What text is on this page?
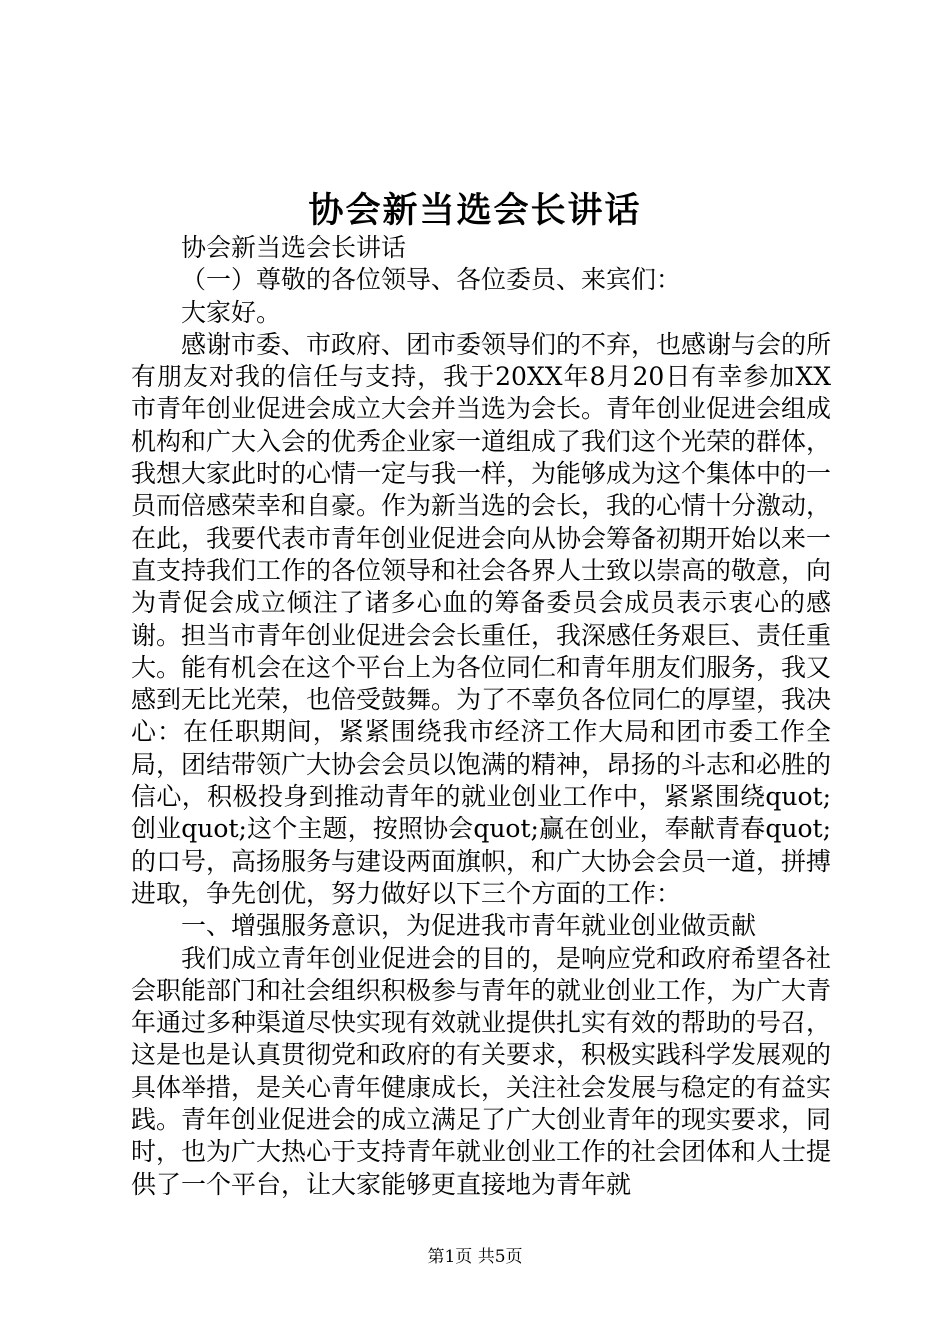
协会新当选会长讲话

协会新当选会长讲话

（一）尊敬的各位领导、各位委员、来宾们：

大家好。

感谢市委、市政府、团市委领导们的不弃，也感谢与会的所有朋友对我的信任与支持，我于20XX年8月20日有幸参加XX市青年创业促进会成立大会并当选为会长。青年创业促进会组成机构和广大入会的优秀企业家一道组成了我们这个光荣的群体，我想大家此时的心情一定与我一样，为能够成为这个集体中的一员而倍感荣幸和自豪。作为新当选的会长，我的心情十分激动，在此，我要代表市青年创业促进会向从协会筹备初期开始以来一直支持我们工作的各位领导和社会各界人士致以崇高的敬意，向为青促会成立倾注了诸多心血的筹备委员会成员表示衷心的感谢。担当市青年创业促进会会长重任，我深感任务艰巨、责任重大。能有机会在这个平台上为各位同仁和青年朋友们服务，我又感到无比光荣，也倍受鼓舞。为了不辜负各位同仁的厚望，我决心：在任职期间，紧紧围绕我市经济工作大局和团市委工作全局，团结带领广大协会会员以饱满的精神，昂扬的斗志和必胜的信心，积极投身到推动青年的就业创业工作中，紧紧围绕quot;创业quot;这个主题，按照协会quot;赢在创业，奉献青春quot;的口号，高扬服务与建设两面旗帜，和广大协会会员一道，拼搏进取，争先创优，努力做好以下三个方面的工作：

一、增强服务意识，为促进我市青年就业创业做贡献

我们成立青年创业促进会的目的，是响应党和政府希望各社会职能部门和社会组织积极参与青年的就业创业工作，为广大青年通过多种渠道尽快实现有效就业提供扎实有效的帮助的号召，这是也是认真贯彻党和政府的有关要求，积极实践科学发展观的具体举措，是关心青年健康成长，关注社会发展与稳定的有益实践。青年创业促进会的成立满足了广大创业青年的现实要求，同时，也为广大热心于支持青年就业创业工作的社会团体和人士提供了一个平台，让大家能够更直接地为青年就

第1页 共5页
